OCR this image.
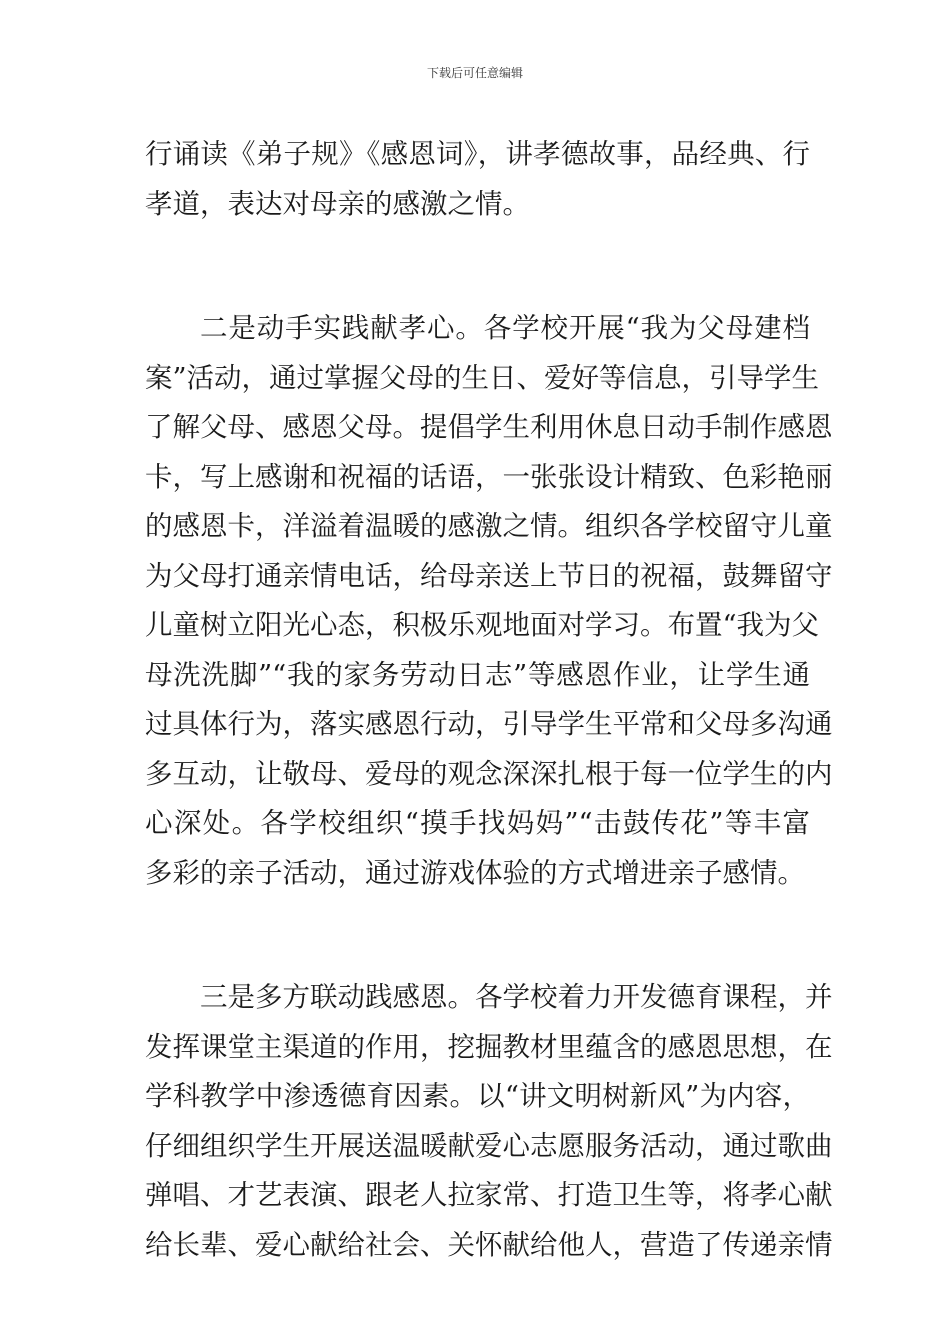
下载后可任意编辑
行诵读《弟子规》《感恩词》，讲孝德故事，品经典、行
孝道，表达对母亲的感激之情。
二是动手实践献孝心。各学校开展“我为父母建档
案”活动，通过掌握父母的生日、爱好等信息，引导学生
了解父母、感恩父母。提倡学生利用休息日动手制作感恩
卡，写上感谢和祝福的话语，一张张设计精致、色彩艳丽
的感恩卡，洋溢着温暖的感激之情。组织各学校留守儿童
为父母打通亲情电话，给母亲送上节日的祝福，鼓舞留守
儿童树立阳光心态，积极乐观地面对学习。布置“我为父
母洗洗脚”“我的家务劳动日志”等感恩作业，让学生通
过具体行为，落实感恩行动，引导学生平常和父母多沟通
多互动，让敬母、爱母的观念深深扎根于每一位学生的内
心深处。各学校组织“摸手找妈妈”“击鼓传花”等丰富
多彩的亲子活动，通过游戏体验的方式增进亲子感情。
三是多方联动践感恩。各学校着力开发德育课程，并
发挥课堂主渠道的作用，挖掘教材里蕴含的感恩思想，在
学科教学中渗透德育因素。以“讲文明树新风”为内容，
仔细组织学生开展送温暖献爱心志愿服务活动，通过歌曲
弹唱、才艺表演、跟老人拉家常、打造卫生等，将孝心献
给长辈、爱心献给社会、关怀献给他人，营造了传递亲情
